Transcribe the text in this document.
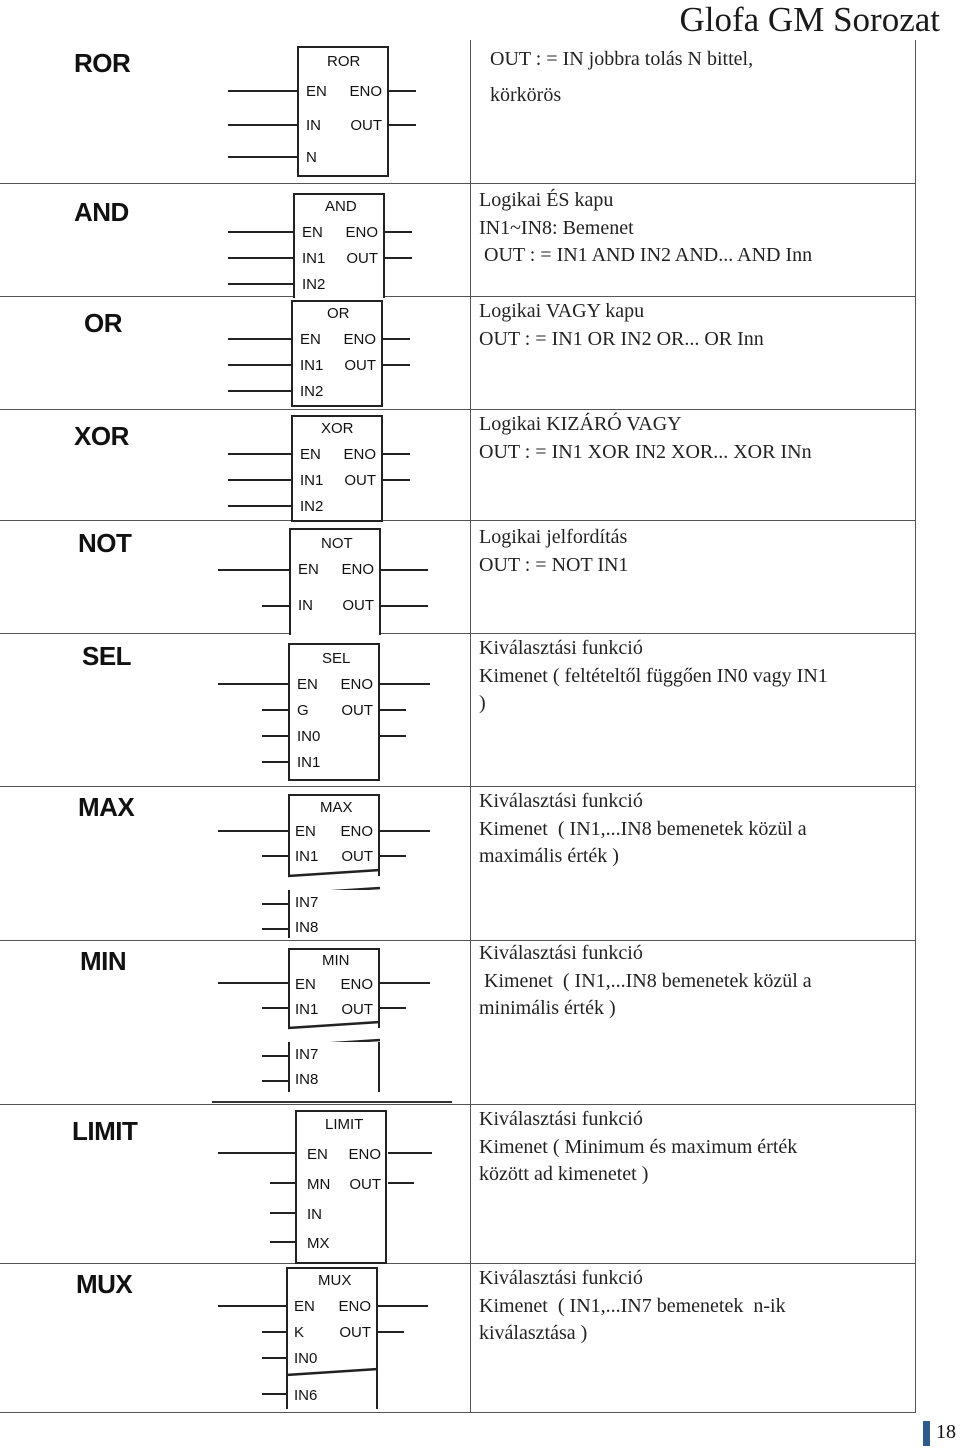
Glofa GM Sorozat
ROR	ROR
EN
IN
N
ENO
OUT
OUT : = IN jobbra tolás N bittel,
körkörös
AND	AND
EN
IN1
IN2
ENO
OUT
Logikai ÉS kapu
IN1~IN8: Bemenet
OUT : = IN1 AND IN2 AND... AND Inn
OR	OR
EN
IN1
IN2
ENO
OUT
Logikai VAGY kapu
OUT : = IN1 OR IN2 OR... OR Inn
XOR	XOR
EN
IN1
IN2
ENO
OUT
Logikai KIZÁRÓ VAGY
OUT : = IN1 XOR IN2 XOR... XOR INn
NOT	NOT
EN
IN
ENO
OUT
Logikai jelfordítás
OUT : = NOT IN1
SEL	SEL
EN
G
IN0
IN1
ENO
OUT
Kiválasztási funkció
Kimenet ( feltételtől függően IN0 vagy IN1
)
MAX	MAX
EN
IN1
ENO
OUT
IN7
IN8
Kiválasztási funkció
Kimenet  ( IN1,...IN8 bemenetek közül a
maximális érték )
MIN	MIN
EN
IN1
ENO
OUT
IN7
IN8
Kiválasztási funkció
Kimenet  ( IN1,...IN8 bemenetek közül a
minimális érték )
LIMIT	LIMIT
EN
MN
IN
MX
ENO
OUT
Kiválasztási funkció
Kimenet ( Minimum és maximum érték
között ad kimenetet )
MUX	MUX
EN
K
IN0
IN6
ENO
OUT
Kiválasztási funkció
Kimenet  ( IN1,...IN7 bemenetek  n-ik
kiválasztása )
18
